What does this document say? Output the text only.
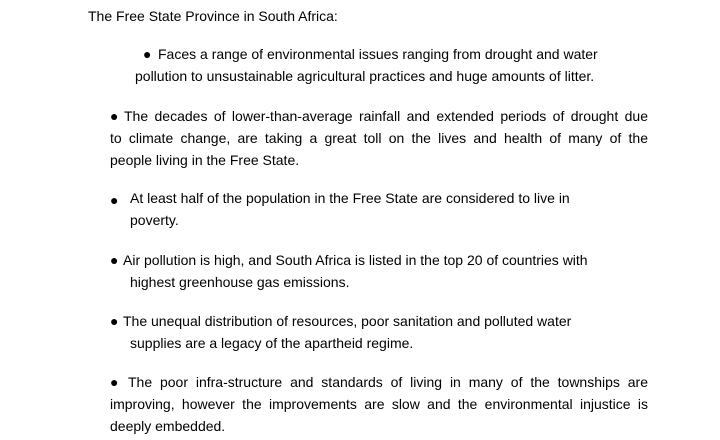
The Free State Province in South Africa:
● Faces a range of environmental issues ranging from drought and water
pollution to unsustainable agricultural practices and huge amounts of litter.
● The decades of lower-than-average rainfall and extended periods of drought due
to climate change, are taking a great toll on the lives and health of many of the
people living in the Free State.
● At least half of the population in the Free State are considered to live in
poverty.
● Air pollution is high, and South Africa is listed in the top 20 of countries with
highest greenhouse gas emissions.
● The unequal distribution of resources, poor sanitation and polluted water
supplies are a legacy of the apartheid regime.
● The poor infra-structure and standards of living in many of the townships are
improving, however the improvements are slow and the environmental injustice is
deeply embedded.
